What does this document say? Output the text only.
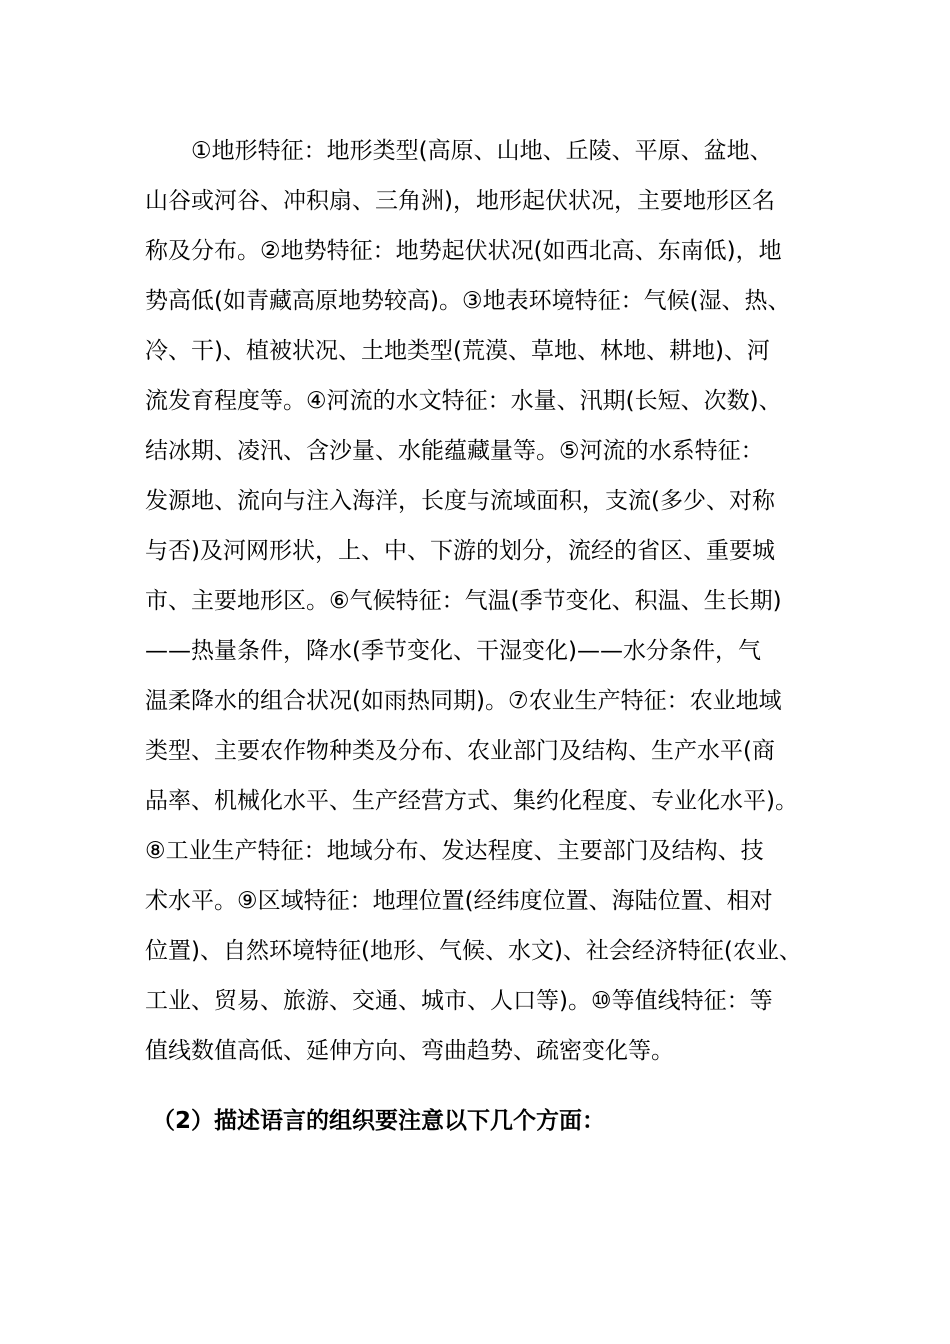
①地形特征：地形类型(高原、山地、丘陵、平原、盆地、
山谷或河谷、冲积扇、三角洲)，地形起伏状况，主要地形区名
称及分布。②地势特征：地势起伏状况(如西北高、东南低)，地
势高低(如青藏高原地势较高)。③地表环境特征：气候(湿、热、
冷、干)、植被状况、土地类型(荒漠、草地、林地、耕地)、河
流发育程度等。④河流的水文特征：水量、汛期(长短、次数)、
结冰期、凌汛、含沙量、水能蕴藏量等。⑤河流的水系特征：
发源地、流向与注入海洋，长度与流域面积，支流(多少、对称
与否)及河网形状，上、中、下游的划分，流经的省区、重要城
市、主要地形区。⑥气候特征：气温(季节变化、积温、生长期)
——热量条件，降水(季节变化、干湿变化)——水分条件，气
温柔降水的组合状况(如雨热同期)。⑦农业生产特征：农业地域
类型、主要农作物种类及分布、农业部门及结构、生产水平(商
品率、机械化水平、生产经营方式、集约化程度、专业化水平)。
⑧工业生产特征：地域分布、发达程度、主要部门及结构、技
术水平。⑨区域特征：地理位置(经纬度位置、海陆位置、相对
位置)、自然环境特征(地形、气候、水文)、社会经济特征(农业、
工业、贸易、旅游、交通、城市、人口等)。⑩等值线特征：等
值线数值高低、延伸方向、弯曲趋势、疏密变化等。
（2）描述语言的组织要注意以下几个方面：
